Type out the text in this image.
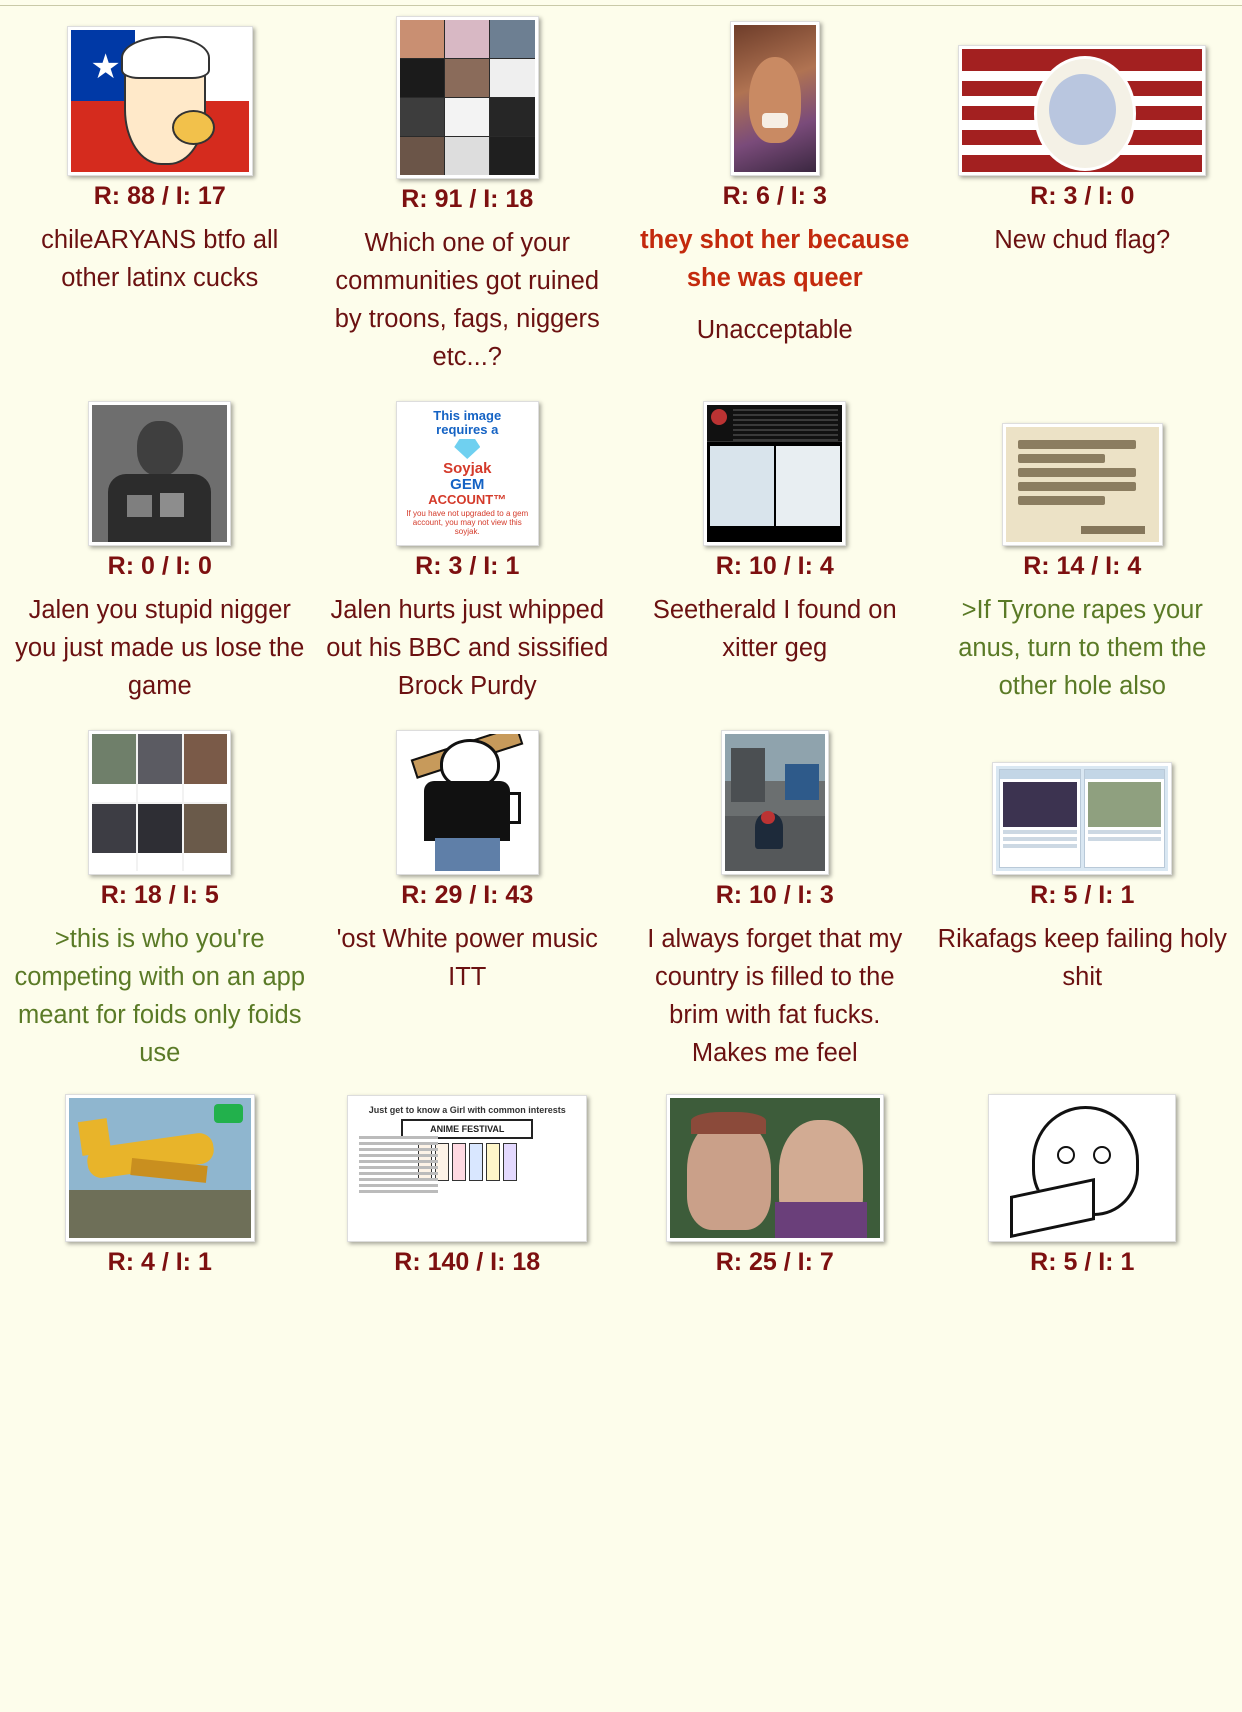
★
R: 88 / I: 17
chileARYANS btfo all other latinx cucks
R: 91 / I: 18
Which one of your communities got ruined by troons, fags, niggers etc...?
R: 6 / I: 3
they shot her because she was queer
Unacceptable
R: 3 / I: 0
New chud flag?
R: 0 / I: 0
Jalen you stupid nigger you just made us lose the game
This image
requires a
Soyjak
GEM
ACCOUNT™
If you have not upgraded to a gem account, you may not view this soyjak.
R: 3 / I: 1
Jalen hurts just whipped out his BBC and sissified Brock Purdy
R: 10 / I: 4
Seetherald I found on xitter geg
R: 14 / I: 4
>If Tyrone rapes your anus, turn to them the other hole also
R: 18 / I: 5
>this is who you're competing with on an app meant for foids only foids use
R: 29 / I: 43
'ost White power music ITT
R: 10 / I: 3
I always forget that my country is filled to the brim with fat fucks. Makes me feel
R: 5 / I: 1
Rikafags keep failing holy shit
R: 4 / I: 1
Just get to know a Girl with common interests
ANIME FESTIVAL
R: 140 / I: 18	R: 25 / I: 7	R: 5 / I: 1
